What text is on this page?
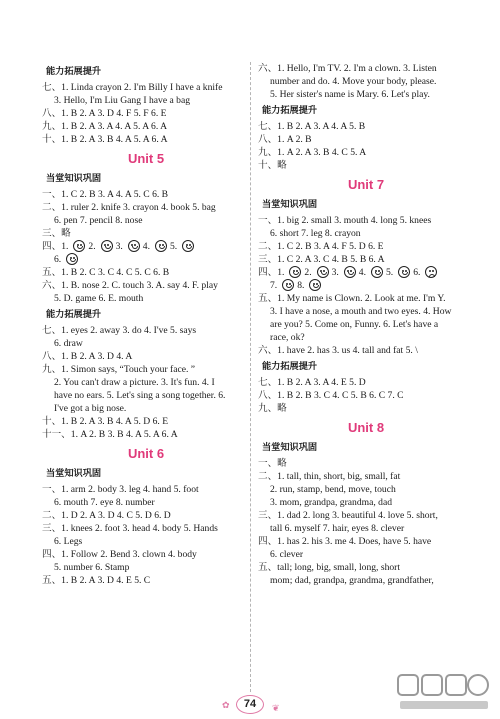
能力拓展提升
七、1. Linda crayon 2. I'm Billy I have a knife
3. Hello, I'm Liu Gang I have a bag
八、1. B 2. A 3. D 4. F 5. F 6. E
九、1. B 2. A 3. A 4. A 5. A 6. A
十、1. B 2. A 3. B 4. A 5. A 6. A
Unit 5
当堂知识巩固
一、1. C 2. B 3. A 4. A 5. C 6. B
二、1. ruler 2. knife 3. crayon 4. book 5. bag
6. pen 7. pencil 8. nose
三、略
四、1. 2. 3. 4. 5.
6.
五、1. B 2. C 3. C 4. C 5. C 6. B
六、1. B. nose 2. C. touch 3. A. say 4. F. play
5. D. game 6. E. mouth
能力拓展提升
七、1. eyes 2. away 3. do 4. I've 5. says
6. draw
八、1. B 2. A 3. D 4. A
九、1. Simon says, “Touch your face. ”
2. You can't draw a picture. 3. It's fun. 4. I
have no ears. 5. Let's sing a song together. 6.
I've got a big nose.
十、1. B 2. A 3. B 4. A 5. D 6. E
十一、1. A 2. B 3. B 4. A 5. A 6. A
Unit 6
当堂知识巩固
一、1. arm 2. body 3. leg 4. hand 5. foot
6. mouth 7. eye 8. number
二、1. D 2. A 3. D 4. C 5. D 6. D
三、1. knees 2. foot 3. head 4. body 5. Hands
6. Legs
四、1. Follow 2. Bend 3. clown 4. body
5. number 6. Stamp
五、1. B 2. A 3. D 4. E 5. C
六、1. Hello, I'm TV. 2. I'm a clown. 3. Listen
number and do. 4. Move your body, please.
5. Her sister's name is Mary. 6. Let's play.
能力拓展提升
七、1. B 2. A 3. A 4. A 5. B
八、1. A 2. B
九、1. A 2. A 3. B 4. C 5. A
十、略
Unit 7
当堂知识巩固
一、1. big 2. small 3. mouth 4. long 5. knees
6. short 7. leg 8. crayon
二、1. C 2. B 3. A 4. F 5. D 6. E
三、1. C 2. A 3. C 4. B 5. B 6. A
四、1. 2. 3. 4. 5. 6.
7. 8.
五、1. My name is Clown. 2. Look at me. I'm Y.
3. I have a nose, a mouth and two eyes. 4. How
are you? 5. Come on, Funny. 6. Let's have a
race, ok?
六、1. have 2. has 3. us 4. tall and fat 5. \
能力拓展提升
七、1. B 2. A 3. A 4. E 5. D
八、1. B 2. B 3. C 4. C 5. B 6. C 7. C
九、略
Unit 8
当堂知识巩固
一、略
二、1. tall, thin, short, big, small, fat
2. run, stamp, bend, move, touch
3. mom, grandpa, grandma, dad
三、1. dad 2. long 3. beautiful 4. love 5. short,
tall 6. myself 7. hair, eyes 8. clever
四、1. has 2. his 3. me 4. Does, have 5. have
6. clever
五、tall; long, big, small, long, short
mom; dad, grandpa, grandma, grandfather,
✿	❦
74
